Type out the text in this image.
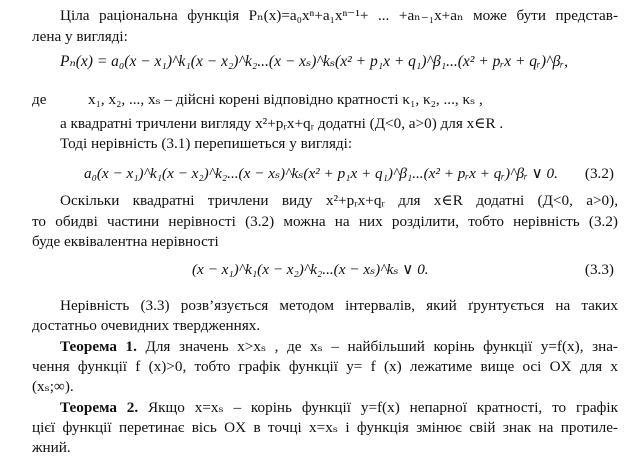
Ціла раціональна функція Pₙ(x)=a₀xⁿ+a₁xⁿ⁻¹+ ... +aₙ₋₁x+aₙ може бути представ-
лена у вигляді:
Pₙ(x) = a₀(x − x₁)^k₁(x − x₂)^k₂...(x − xₛ)^kₛ(x² + p₁x + q₁)^β₁...(x² + pᵣx + qᵣ)^βᵣ,
де	x₁, x₂, ..., xₛ – дійсні корені відповідно кратності κ₁, κ₂, ..., κₛ ,
а квадратні тричлени вигляду x²+pᵣx+qᵣ додатні (Д<0, a>0) для x∈R .
Тоді нерівність (3.1) перепишеться у вигляді:
a₀(x − x₁)^k₁(x − x₂)^k₂...(x − xₛ)^kₛ(x² + p₁x + q₁)^β₁...(x² + pᵣx + qᵣ)^βᵣ ∨ 0. (3.2)
Оскільки квадратні тричлени виду x²+pᵣx+qᵣ для x∈R додатні (Д<0, a>0),
то обидві частини нерівності (3.2) можна на них розділити, тобто нерівність (3.2)
буде еквівалентна нерівності
(x − x₁)^k₁(x − x₂)^k₂...(x − xₛ)^kₛ ∨ 0.	(3.3)
Нерівність (3.3) розв’язується методом інтервалів, який ґрунтується на таких
достатньо очевидних твердженнях.
Теорема 1. Для значень x>xₛ , де xₛ – найбільший корінь функції y=f(x), зна-
чення функції f (x)>0, тобто графік функції y= f (x) лежатиме вище осі OX для x
(xₛ;∞).
Теорема 2. Якщо x=xₛ – корінь функції y=f(x) непарної кратності, то графік
цієї функції перетинає вісь OX в точці x=xₛ і функція змінює свій знак на протиле-
жний.
